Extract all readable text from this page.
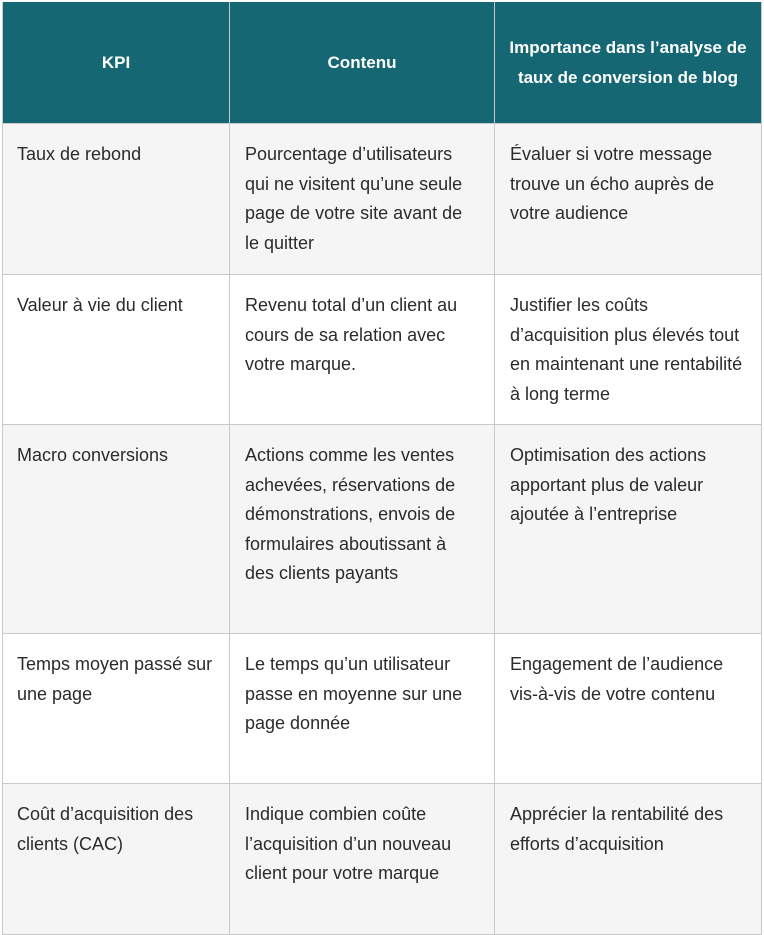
KPI	Contenu	Importance dans l’analyse de taux de conversion de blog
Taux de rebond	Pourcentage d’utilisateurs qui ne visitent qu’une seule page de votre site avant de le quitter	Évaluer si votre message trouve un écho auprès de votre audience
Valeur à vie du client	Revenu total d’un client au cours de sa relation avec votre marque.	Justifier les coûts d’acquisition plus élevés tout en maintenant une rentabilité à long terme
Macro conversions	Actions comme les ventes achevées, réservations de démonstrations, envois de formulaires aboutissant à des clients payants	Optimisation des actions apportant plus de valeur ajoutée à l’entreprise
Temps moyen passé sur une page	Le temps qu’un utilisateur passe en moyenne sur une page donnée	Engagement de l’audience vis-à-vis de votre contenu
Coût d’acquisition des clients (CAC)	Indique combien coûte l’acquisition d’un nouveau client pour votre marque	Apprécier la rentabilité des efforts d’acquisition
